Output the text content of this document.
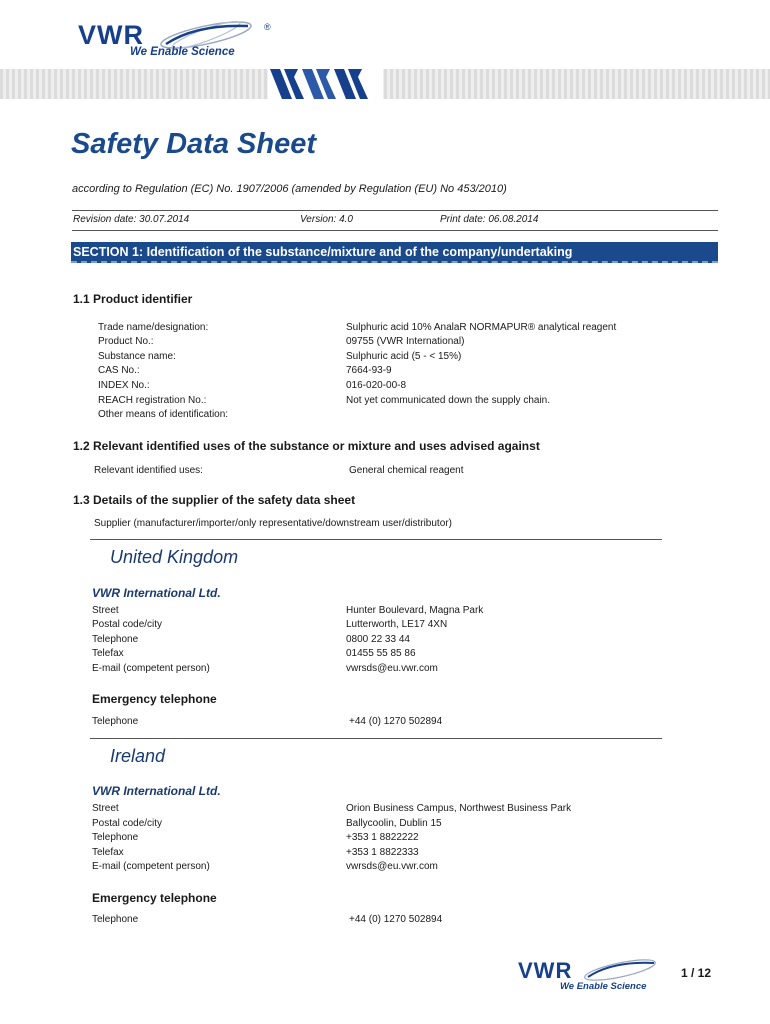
VWR	®
We Enable Science
Safety Data Sheet
according to Regulation (EC) No. 1907/2006 (amended by Regulation (EU) No 453/2010)
Revision date: 30.07.2014	Version: 4.0	Print date: 06.08.2014
SECTION 1: Identification of the substance/mixture and of the company/undertaking
1.1 Product identifier
Trade name/designation:	Sulphuric acid 10% AnalaR NORMAPUR® analytical reagent
Product No.:	09755 (VWR International)
Substance name:	Sulphuric acid (5 - < 15%)
CAS No.:	7664-93-9
INDEX No.:	016-020-00-8
REACH registration No.:	Not yet communicated down the supply chain.
Other means of identification:
1.2 Relevant identified uses of the substance or mixture and uses advised against
Relevant identified uses:	General chemical reagent
1.3 Details of the supplier of the safety data sheet
Supplier (manufacturer/importer/only representative/downstream user/distributor)
United Kingdom
VWR International Ltd.
Street	Hunter Boulevard, Magna Park
Postal code/city	Lutterworth, LE17 4XN
Telephone	0800 22 33 44
Telefax	01455 55 85 86
E-mail (competent person)	vwrsds@eu.vwr.com
Emergency telephone
Telephone	+44 (0) 1270 502894
Ireland
VWR International Ltd.
Street	Orion Business Campus, Northwest Business Park
Postal code/city	Ballycoolin, Dublin 15
Telephone	+353 1 8822222
Telefax	+353 1 8822333
E-mail (competent person)	vwrsds@eu.vwr.com
Emergency telephone
Telephone	+44 (0) 1270 502894
VWR
We Enable Science
1 / 12
